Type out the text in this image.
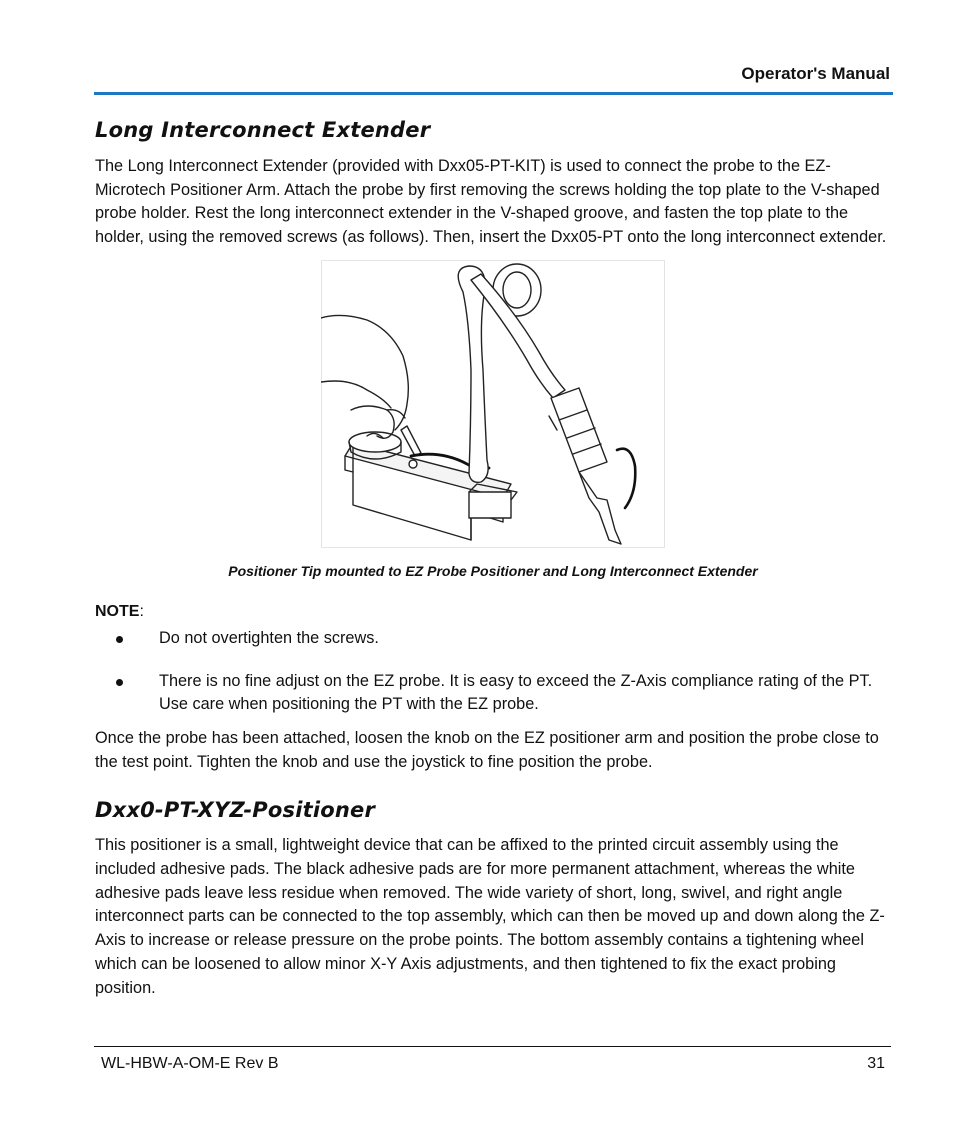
Operator's Manual
Long Interconnect Extender

The Long Interconnect Extender (provided with Dxx05-PT-KIT) is used to connect the probe to the EZ-Microtech Positioner Arm. Attach the probe by first removing the screws holding the top plate to the V-shaped probe holder. Rest the long interconnect extender in the V-shaped groove, and fasten the top plate to the holder, using the removed screws (as follows). Then, insert the Dxx05-PT onto the long interconnect extender.

Positioner Tip mounted to EZ Probe Positioner and Long Interconnect Extender
NOTE:
Do not overtighten the screws.
There is no fine adjust on the EZ probe. It is easy to exceed the Z-Axis compliance rating of the PT. Use care when positioning the PT with the EZ probe.

Once the probe has been attached, loosen the knob on the EZ positioner arm and position the probe close to the test point. Tighten the knob and use the joystick to fine position the probe.

Dxx0-PT-XYZ-Positioner

This positioner is a small, lightweight device that can be affixed to the printed circuit assembly using the included adhesive pads. The black adhesive pads are for more permanent attachment, whereas the white adhesive pads leave less residue when removed. The wide variety of short, long, swivel, and right angle interconnect parts can be connected to the top assembly, which can then be moved up and down along the Z-Axis to increase or release pressure on the probe points. The bottom assembly contains a tightening wheel which can be loosened to allow minor X-Y Axis adjustments, and then tightened to fix the exact probing position.

WL-HBW-A-OM-E Rev B	31
